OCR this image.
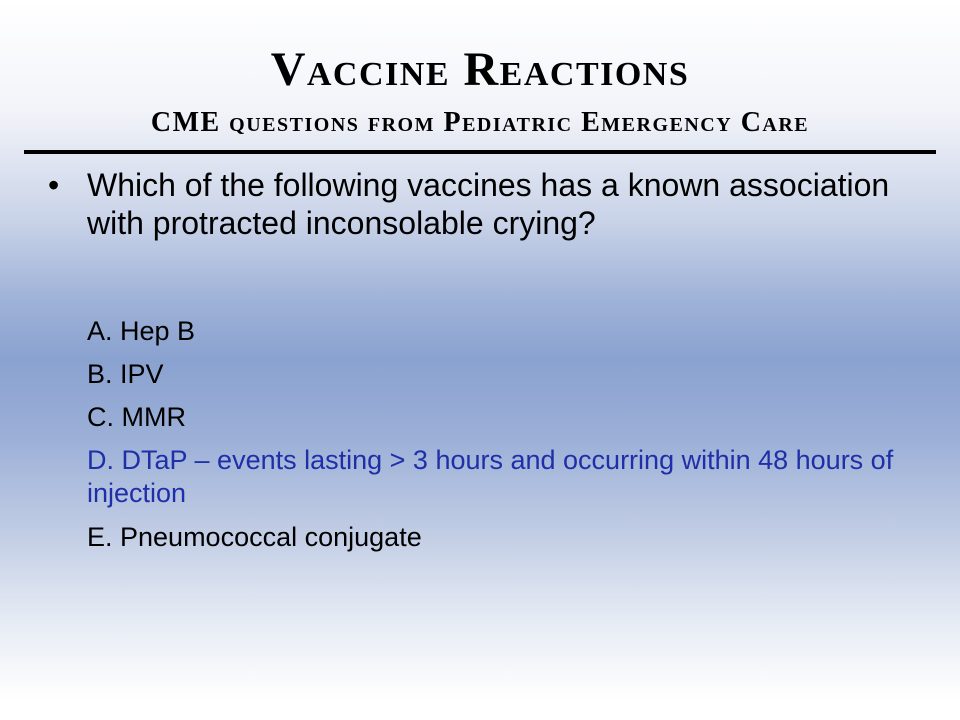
Vaccine Reactions
CME questions from Pediatric Emergency Care
• Which of the following vaccines has a known association with protracted inconsolable crying?
A. Hep B
B. IPV
C. MMR
D. DTaP – events lasting > 3 hours and occurring within 48 hours of injection
E. Pneumococcal conjugate
